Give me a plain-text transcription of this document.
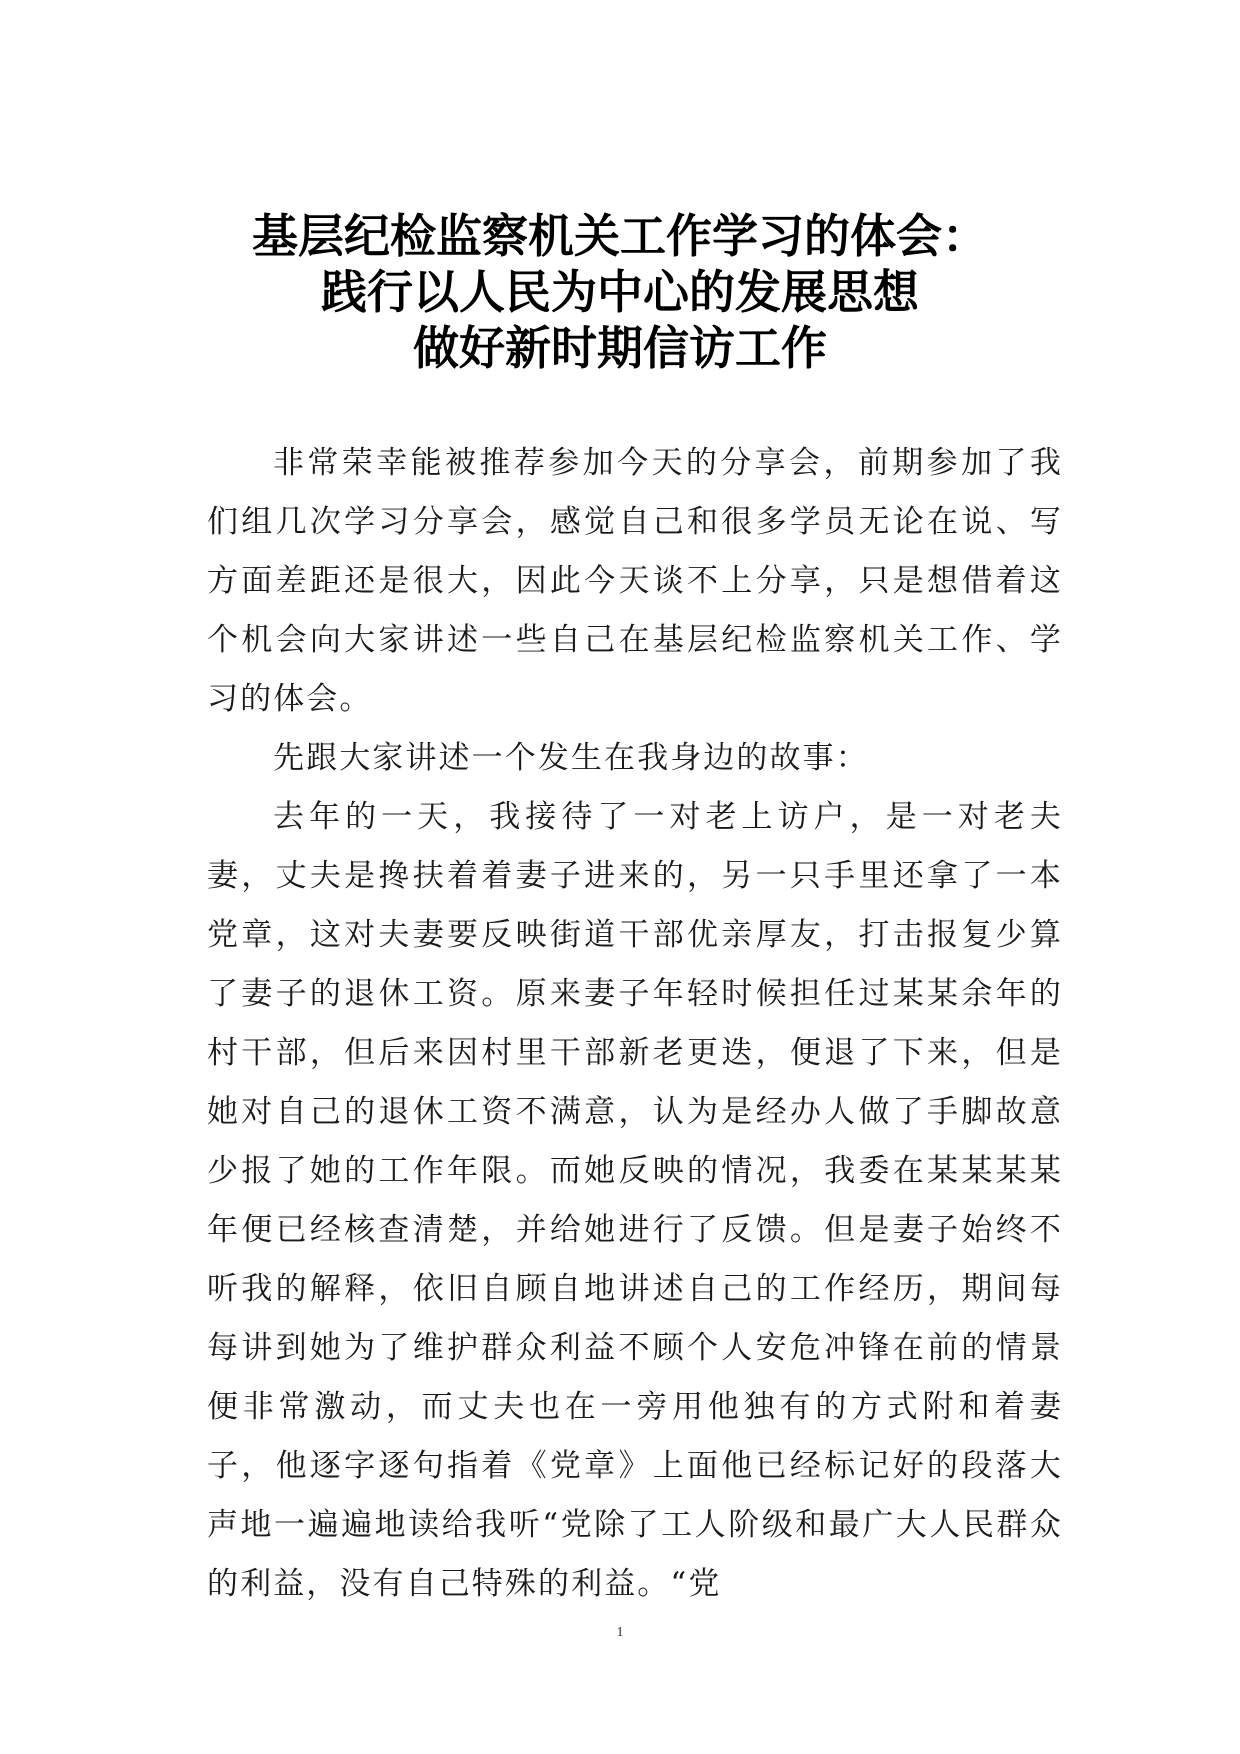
基层纪检监察机关工作学习的体会：
践行以人民为中心的发展思想
做好新时期信访工作

非常荣幸能被推荐参加今天的分享会，前期参加了我们组几次学习分享会，感觉自己和很多学员无论在说、写方面差距还是很大，因此今天谈不上分享，只是想借着这个机会向大家讲述一些自己在基层纪检监察机关工作、学习的体会。

先跟大家讲述一个发生在我身边的故事：

去年的一天，我接待了一对老上访户，是一对老夫妻，丈夫是搀扶着着妻子进来的，另一只手里还拿了一本党章，这对夫妻要反映街道干部优亲厚友，打击报复少算了妻子的退休工资。原来妻子年轻时候担任过某某余年的村干部，但后来因村里干部新老更迭，便退了下来，但是她对自己的退休工资不满意，认为是经办人做了手脚故意少报了她的工作年限。而她反映的情况，我委在某某某某年便已经核查清楚，并给她进行了反馈。但是妻子始终不听我的解释，依旧自顾自地讲述自己的工作经历，期间每每讲到她为了维护群众利益不顾个人安危冲锋在前的情景便非常激动，而丈夫也在一旁用他独有的方式附和着妻子，他逐字逐句指着《党章》上面他已经标记好的段落大声地一遍遍地读给我听“党除了工人阶级和最广大人民群众的利益，没有自己特殊的利益。“党

1
